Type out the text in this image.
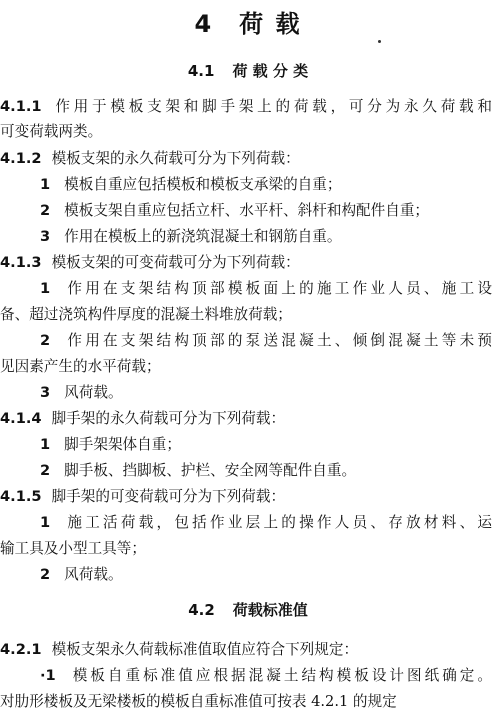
4 荷 载
4.1 荷 载 分 类
4.1.1 作用于模板支架和脚手架上的荷载，可分为永久荷载和
可变荷载两类。
4.1.2 模板支架的永久荷载可分为下列荷载：
1 模板自重应包括模板和模板支承梁的自重；
2 模板支架自重应包括立杆、水平杆、斜杆和构配件自重；
3 作用在模板上的新浇筑混凝土和钢筋自重。
4.1.3 模板支架的可变荷载可分为下列荷载：
1 作用在支架结构顶部模板面上的施工作业人员、施工设
备、超过浇筑构件厚度的混凝土料堆放荷载；
2 作用在支架结构顶部的泵送混凝土、倾倒混凝土等未预
见因素产生的水平荷载；
3 风荷载。
4.1.4 脚手架的永久荷载可分为下列荷载：
1 脚手架架体自重；
2 脚手板、挡脚板、护栏、安全网等配件自重。
4.1.5 脚手架的可变荷载可分为下列荷载：
1 施工活荷载，包括作业层上的操作人员、存放材料、运
输工具及小型工具等；
2 风荷载。
4.2 荷载标准值
4.2.1 模板支架永久荷载标准值取值应符合下列规定：
·1 模板自重标准值应根据混凝土结构模板设计图纸确定。
对肋形楼板及无梁楼板的模板自重标准值可按表 4.2.1 的规定
